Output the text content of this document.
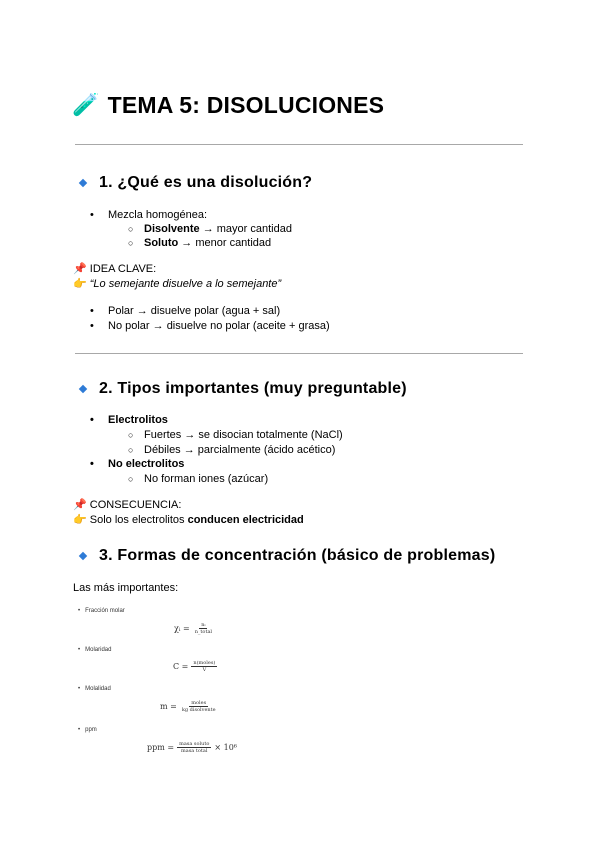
🧪 TEMA 5: DISOLUCIONES
1. ¿Qué es una disolución?
• Mezcla homogénea:
○ Disolvente → mayor cantidad
○ Soluto → menor cantidad
📌 IDEA CLAVE:
👉 “Lo semejante disuelve a lo semejante”
• Polar → disuelve polar (agua + sal)
• No polar → disuelve no polar (aceite + grasa)
2. Tipos importantes (muy preguntable)
• Electrolitos
○ Fuertes → se disocian totalmente (NaCl)
○ Débiles → parcialmente (ácido acético)
• No electrolitos
○ No forman iones (azúcar)
📌 CONSECUENCIA:
👉 Solo los electrolitos conducen electricidad
3. Formas de concentración (básico de problemas)
Las más importantes:
• Fracción molar
χᵢ = $\frac{\text{nᵢ}}{\text{n\_total}}$
• Molaridad
$C = \frac{\text{n(moles)}}{V}$
• Molalidad
$m = \frac{\text{moles}}{\text{kg disolvente}}$
• ppm
ppm = $\frac{\text{masa soluto}}{\text{masa total}} \times 10^6$
